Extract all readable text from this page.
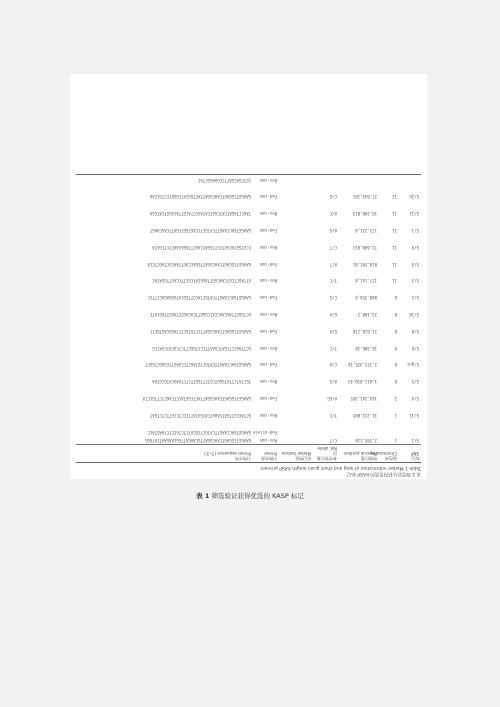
表 1 筛选验证获得优选的 KASP 标记
Table 1 Marker information of long and short grain length KASP primers
标记
SNP	染色体
Chromosome	物理位置
Physical position	参考等位基因
Ref. allele	标记特征
Marker feature	引物名称
Primer	引物序列
Primer sequence (5'-3')
S/1	1	2,595,110	C/T		Rev-com	GAAGGTCGGAGTCAACGGATTGCAAGATTGGCAAGAATCATGGG
					Fwd-allele	GAAGGTGACCAAGTTCATGCTCGCATCTCTGCCTCTAAGTACC

S/11	1	31,221,805	T/C		Rev-com	GCTACCGTTGATCAAGTCATGGTATTCCCTCCGTTCTCTGAT

S/4	2	164,341,365	A/GG		Fwd-com	GAAGGTCGGAGTCAACGGATTACTCGGTACCTCAGCTCTTGCCTA

S/5	8	1,611,810,43	A/G		Rev-com	TGCTATCTTGTGGGTCGTCTTGGTTCTCTAAGCATGCGTAA

S/gni	8	2,171,435,16	C/A		Fwd-com	GAAGGTGACCAAGTTCATGCTGTAGCTCCAAGTTCGAGCTGGCT

S/6	9	16,386,10	T/C		Rev-com	GCTTAGCCTCGATCGAATTCCCTGGCTTCTCGCATCAATCG

S/8	8	21,618,210	G/A		Fwd-com	GAAGGTCGGAGTCAACGGATTCCTGTGCTCTAGGCAGTGCTC

S/10	8	23,180,2	G/A		Rev-com	ACTGGCTTAGCAACCATCGGATTCACAGCCTAGGTTAGCATC

S/2	6	808,356,9	C/G		Fwd-com	GAAGGTGACCAAGTTCATGCTACGTTGGCATGAGAGGCCTTCC

S/3	11	157,141,8	T/C		Rev-com	GTTAGCTCGTCAACGGTTAGGCATCGCTTCCAGTTGGATAC

S/4	11	818,591,81	A/T		Fwd-com	GAAGGTCGGAGTCAACGGATTGGACCAGTTAACGCTAGCTCCA

S/9	11	73,608,813	C/T		Rev-com	CCATGGTACGATCGTTGGATCAGCTTAGGCAACTCTCGGTA

S/1	11	172,231,8	A/G		Fwd-com	GAAGGTGACCAAGTTCATGCTCCAGTGGTCGATTCAGCAAGT

S/11	11	19,208,813	A/C		Rev-com	TAGCCTGGATCATCGGTCATAGCCTACGTTACAGGTCATGGA

S/2b	12	27,643,191	C/G		Fwd-com	GAAGGTCGGAGTCAACGGATTACTGGCATCGGATCCTGCCAG

					Rev-com	CGTCGACGATTCCGAAGGCTAC
表 1 筛选验证获得优选的 KASP 标记
